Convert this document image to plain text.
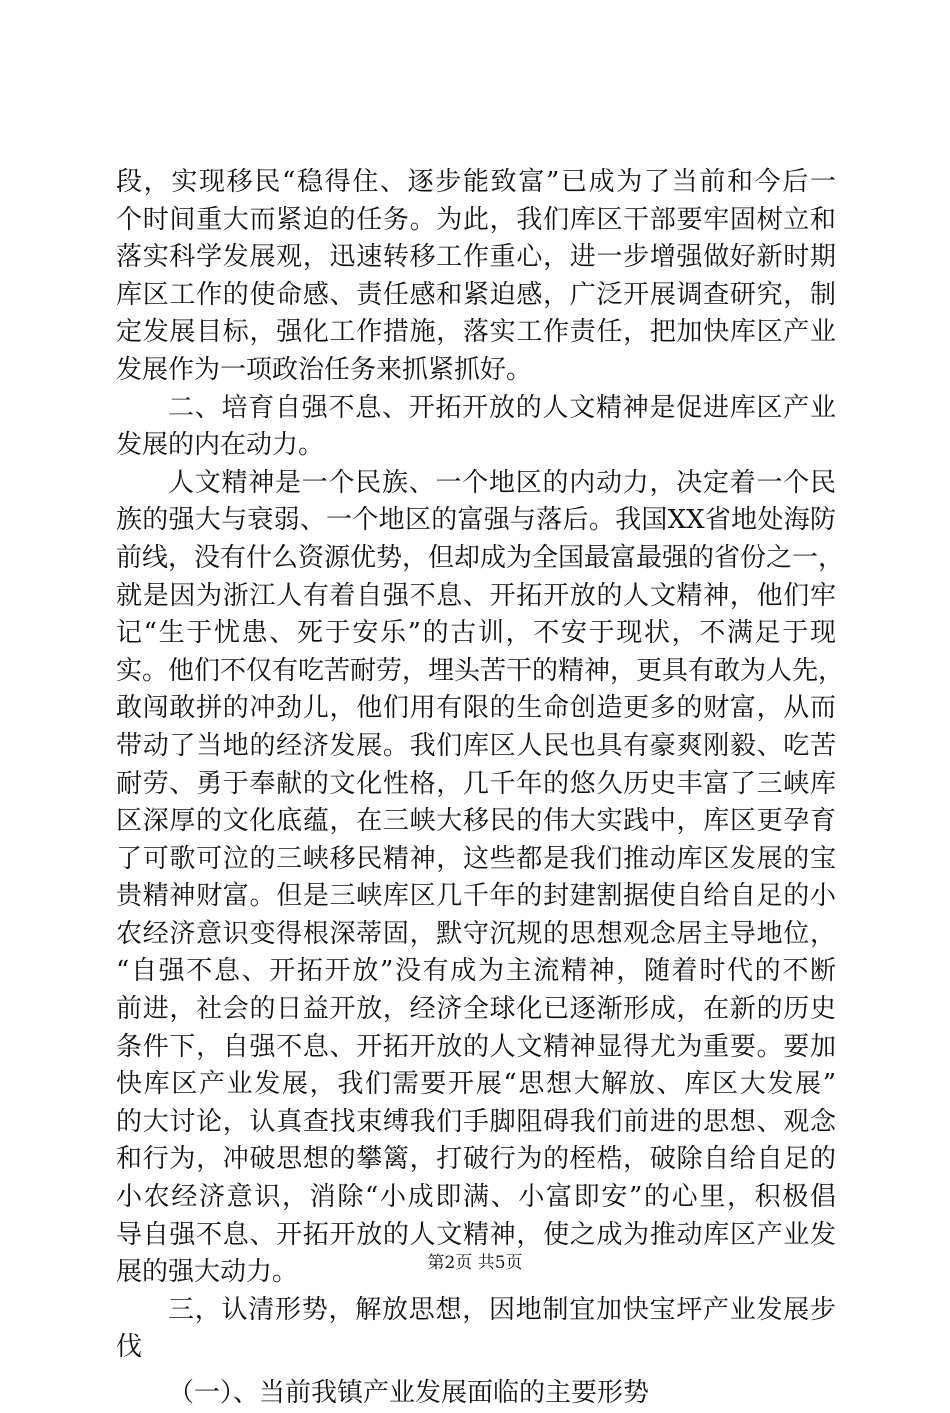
段，实现移民“稳得住、逐步能致富”已成为了当前和今后一
个时间重大而紧迫的任务。为此，我们库区干部要牢固树立和
落实科学发展观，迅速转移工作重心，进一步增强做好新时期
库区工作的使命感、责任感和紧迫感，广泛开展调查研究，制
定发展目标，强化工作措施，落实工作责任，把加快库区产业
发展作为一项政治任务来抓紧抓好。
二、培育自强不息、开拓开放的人文精神是促进库区产业
发展的内在动力。
人文精神是一个民族、一个地区的内动力，决定着一个民
族的强大与衰弱、一个地区的富强与落后。我国XX省地处海防
前线，没有什么资源优势，但却成为全国最富最强的省份之一，
就是因为浙江人有着自强不息、开拓开放的人文精神，他们牢
记“生于忧患、死于安乐”的古训，不安于现状，不满足于现
实。他们不仅有吃苦耐劳，埋头苦干的精神，更具有敢为人先，
敢闯敢拼的冲劲儿，他们用有限的生命创造更多的财富，从而
带动了当地的经济发展。我们库区人民也具有豪爽刚毅、吃苦
耐劳、勇于奉献的文化性格，几千年的悠久历史丰富了三峡库
区深厚的文化底蕴，在三峡大移民的伟大实践中，库区更孕育
了可歌可泣的三峡移民精神，这些都是我们推动库区发展的宝
贵精神财富。但是三峡库区几千年的封建割据使自给自足的小
农经济意识变得根深蒂固，默守沉规的思想观念居主导地位，
“自强不息、开拓开放”没有成为主流精神，随着时代的不断
前进，社会的日益开放，经济全球化已逐渐形成，在新的历史
条件下，自强不息、开拓开放的人文精神显得尤为重要。要加
快库区产业发展，我们需要开展“思想大解放、库区大发展”
的大讨论，认真查找束缚我们手脚阻碍我们前进的思想、观念
和行为，冲破思想的攀篱，打破行为的桎梏，破除自给自足的
小农经济意识，消除“小成即满、小富即安”的心里，积极倡
导自强不息、开拓开放的人文精神，使之成为推动库区产业发
展的强大动力。
三，认清形势，解放思想，因地制宜加快宝坪产业发展步
伐
（一）、当前我镇产业发展面临的主要形势
第2页 共5页
